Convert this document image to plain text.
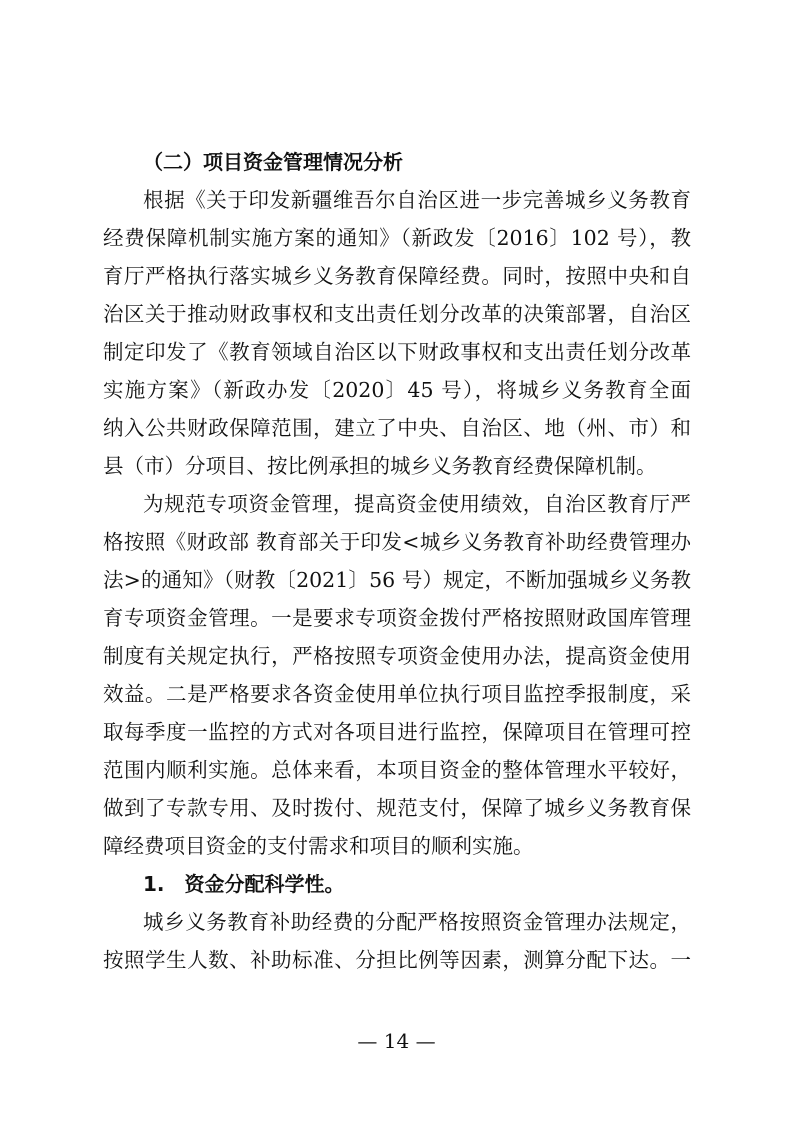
（二）项目资金管理情况分析
根据《关于印发新疆维吾尔自治区进一步完善城乡义务教育
经费保障机制实施方案的通知》（新政发〔2016〕102 号），教
育厅严格执行落实城乡义务教育保障经费。同时，按照中央和自
治区关于推动财政事权和支出责任划分改革的决策部署，自治区
制定印发了《教育领域自治区以下财政事权和支出责任划分改革
实施方案》（新政办发〔2020〕45 号），将城乡义务教育全面
纳入公共财政保障范围，建立了中央、自治区、地（州、市）和
县（市）分项目、按比例承担的城乡义务教育经费保障机制。
为规范专项资金管理，提高资金使用绩效，自治区教育厅严
格按照《财政部 教育部关于印发<城乡义务教育补助经费管理办
法>的通知》（财教〔2021〕56 号）规定，不断加强城乡义务教
育专项资金管理。一是要求专项资金拨付严格按照财政国库管理
制度有关规定执行，严格按照专项资金使用办法，提高资金使用
效益。二是严格要求各资金使用单位执行项目监控季报制度，采
取每季度一监控的方式对各项目进行监控，保障项目在管理可控
范围内顺利实施。总体来看，本项目资金的整体管理水平较好，
做到了专款专用、及时拨付、规范支付，保障了城乡义务教育保
障经费项目资金的支付需求和项目的顺利实施。
1.　资金分配科学性。
城乡义务教育补助经费的分配严格按照资金管理办法规定，
按照学生人数、补助标准、分担比例等因素，测算分配下达。一
— 14 —
